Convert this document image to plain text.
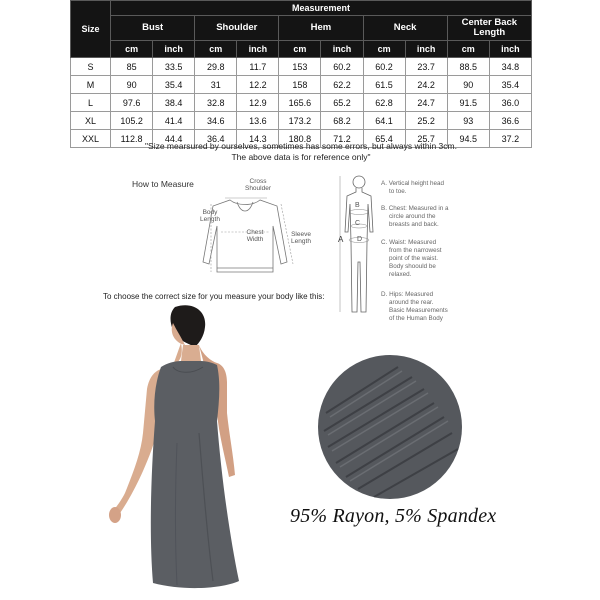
Size	Measurement									
	Bust		Shoulder		Hem		Neck		Center Back Length	
	cm	inch	cm	inch	cm	inch	cm	inch	cm	inch
S	85	33.5	29.8	11.7	153	60.2	60.2	23.7	88.5	34.8
M	90	35.4	31	12.2	158	62.2	61.5	24.2	90	35.4
L	97.6	38.4	32.8	12.9	165.6	65.2	62.8	24.7	91.5	36.0
XL	105.2	41.4	34.6	13.6	173.2	68.2	64.1	25.2	93	36.6
XXL	112.8	44.4	36.4	14.3	180.8	71.2	65.4	25.7	94.5	37.2
"Size mearsured by ourselves, sometimes has some errors, but always within 3cm.
The above data is for reference only"
How to Measure	Cross
Shoulder
Body
Length
Chest
Width
Sleeve
Length	A
B
C
D
A. Vertical height head
to toe.
B. Chest: Measured in a
circle around the
breasts and back.
C. Waist: Measured
from the narrowest
point of the waist.
Body shoould be
relaxed.
D. Hips: Measured
around the rear.
Basic Measurements
of the Human Body
To choose the correct size for you measure your body like this:
95% Rayon, 5% Spandex
